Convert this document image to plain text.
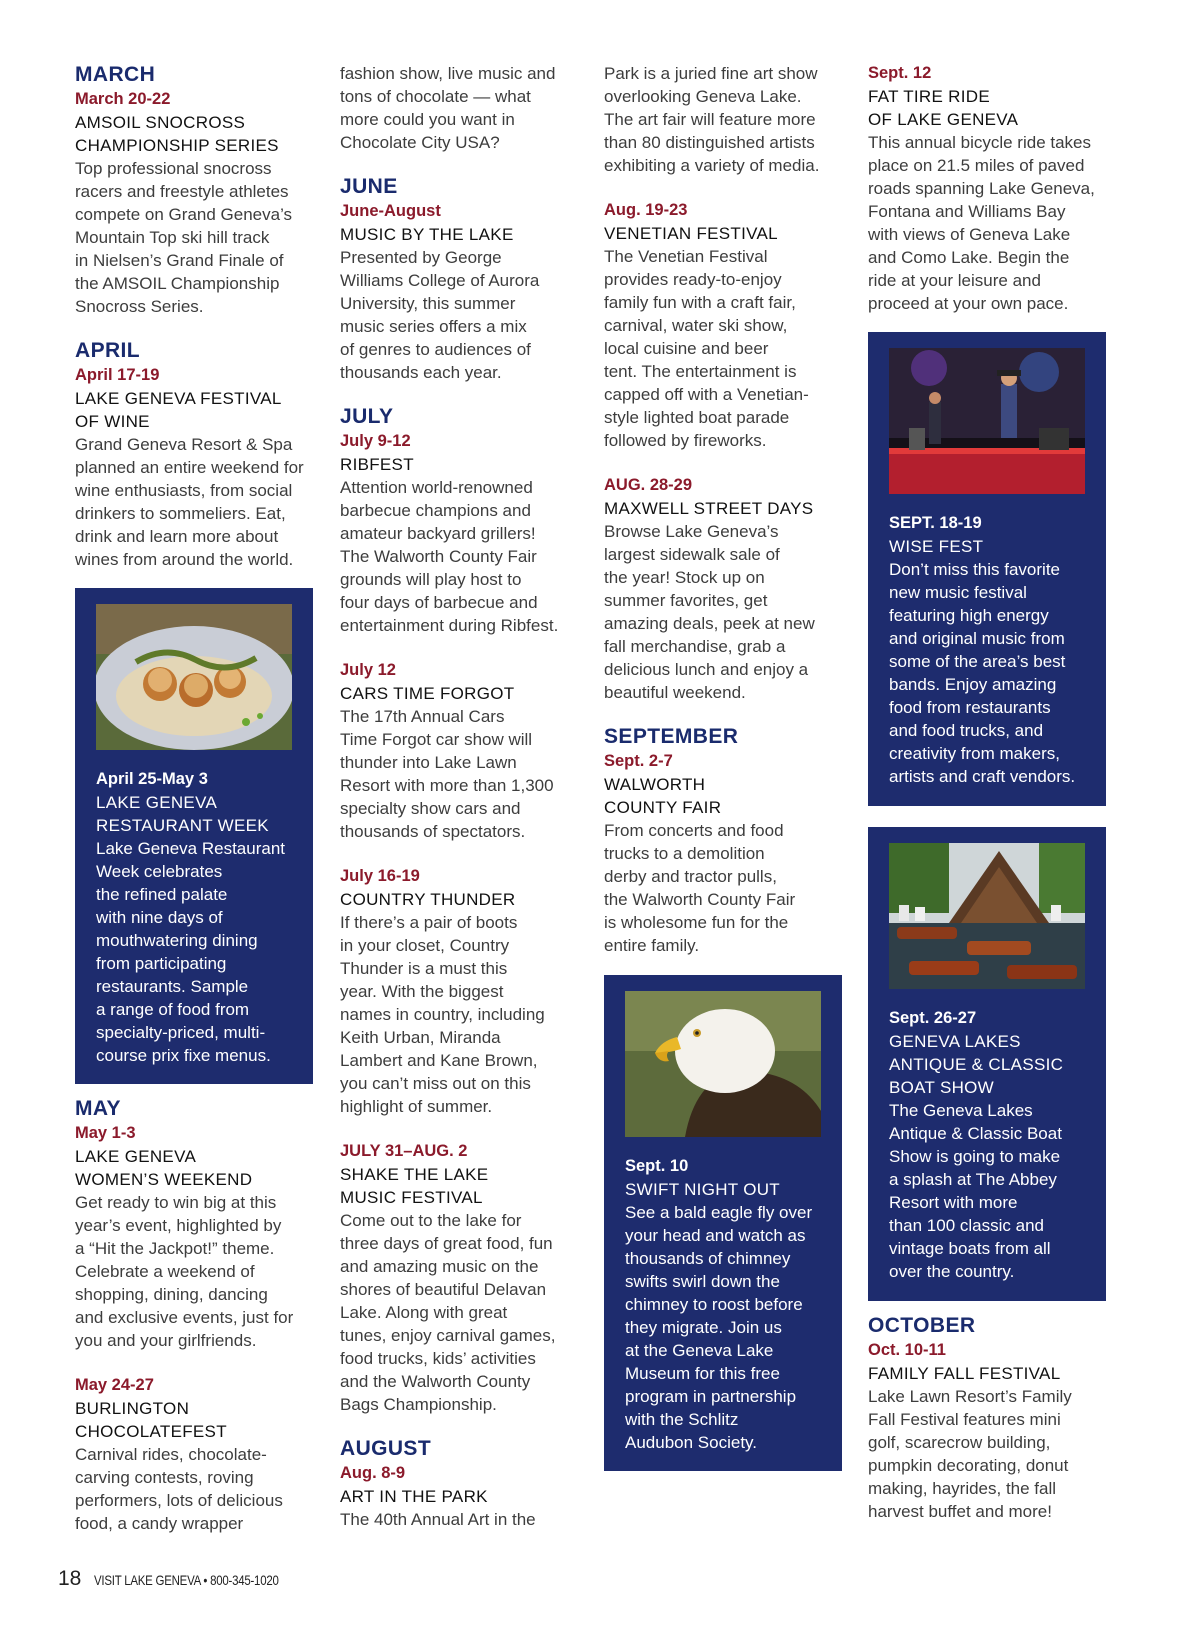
MARCH
March 20-22
AMSOIL SNOCROSS
CHAMPIONSHIP SERIES
Top professional snocross
racers and freestyle athletes
compete on Grand Geneva’s
Mountain Top ski hill track
in Nielsen’s Grand Finale of
the AMSOIL Championship
Snocross Series.
APRIL
April 17-19
LAKE GENEVA FESTIVAL
OF WINE
Grand Geneva Resort & Spa
planned an entire weekend for
wine enthusiasts, from social
drinkers to sommeliers. Eat,
drink and learn more about
wines from around the world.
April 25-May 3
LAKE GENEVA
RESTAURANT WEEK
Lake Geneva Restaurant
Week celebrates
the refined palate
with nine days of
mouthwatering dining
from participating
restaurants. Sample
a range of food from
specialty-priced, multi-
course prix fixe menus.
MAY
May 1-3
LAKE GENEVA
WOMEN’S WEEKEND
Get ready to win big at this
year’s event, highlighted by
a “Hit the Jackpot!” theme.
Celebrate a weekend of
shopping, dining, dancing
and exclusive events, just for
you and your girlfriends.
May 24-27
BURLINGTON
CHOCOLATEFEST
Carnival rides, chocolate-
carving contests, roving
performers, lots of delicious
food, a candy wrapper
fashion show, live music and
tons of chocolate — what
more could you want in
Chocolate City USA?
JUNE
June-August
MUSIC BY THE LAKE
Presented by George
Williams College of Aurora
University, this summer
music series offers a mix
of genres to audiences of
thousands each year.
JULY
July 9-12
RIBFEST
Attention world-renowned
barbecue champions and
amateur backyard grillers!
The Walworth County Fair
grounds will play host to
four days of barbecue and
entertainment during Ribfest.
July 12
CARS TIME FORGOT
The 17th Annual Cars
Time Forgot car show will
thunder into Lake Lawn
Resort with more than 1,300
specialty show cars and
thousands of spectators.
July 16-19
COUNTRY THUNDER
If there’s a pair of boots
in your closet, Country
Thunder is a must this
year. With the biggest
names in country, including
Keith Urban, Miranda
Lambert and Kane Brown,
you can’t miss out on this
highlight of summer.
JULY 31–AUG. 2
SHAKE THE LAKE
MUSIC FESTIVAL
Come out to the lake for
three days of great food, fun
and amazing music on the
shores of beautiful Delavan
Lake. Along with great
tunes, enjoy carnival games,
food trucks, kids’ activities
and the Walworth County
Bags Championship.
AUGUST
Aug. 8-9
ART IN THE PARK
The 40th Annual Art in the
Park is a juried fine art show
overlooking Geneva Lake.
The art fair will feature more
than 80 distinguished artists
exhibiting a variety of media.
Aug. 19-23
VENETIAN FESTIVAL
The Venetian Festival
provides ready-to-enjoy
family fun with a craft fair,
carnival, water ski show,
local cuisine and beer
tent. The entertainment is
capped off with a Venetian-
style lighted boat parade
followed by fireworks.
AUG. 28-29
MAXWELL STREET DAYS
Browse Lake Geneva’s
largest sidewalk sale of
the year! Stock up on
summer favorites, get
amazing deals, peek at new
fall merchandise, grab a
delicious lunch and enjoy a
beautiful weekend.
SEPTEMBER
Sept. 2-7
WALWORTH
COUNTY FAIR
From concerts and food
trucks to a demolition
derby and tractor pulls,
the Walworth County Fair
is wholesome fun for the
entire family.
Sept. 10
SWIFT NIGHT OUT
See a bald eagle fly over
your head and watch as
thousands of chimney
swifts swirl down the
chimney to roost before
they migrate. Join us
at the Geneva Lake
Museum for this free
program in partnership
with the Schlitz
Audubon Society.
Sept. 12
FAT TIRE RIDE
OF LAKE GENEVA
This annual bicycle ride takes
place on 21.5 miles of paved
roads spanning Lake Geneva,
Fontana and Williams Bay
with views of Geneva Lake
and Como Lake. Begin the
ride at your leisure and
proceed at your own pace.
SEPT. 18-19
WISE FEST
Don’t miss this favorite
new music festival
featuring high energy
and original music from
some of the area’s best
bands. Enjoy amazing
food from restaurants
and food trucks, and
creativity from makers,
artists and craft vendors.
Sept. 26-27
GENEVA LAKES
ANTIQUE & CLASSIC
BOAT SHOW
The Geneva Lakes
Antique & Classic Boat
Show is going to make
a splash at The Abbey
Resort with more
than 100 classic and
vintage boats from all
over the country.
OCTOBER
Oct. 10-11
FAMILY FALL FESTIVAL
Lake Lawn Resort’s Family
Fall Festival features mini
golf, scarecrow building,
pumpkin decorating, donut
making, hayrides, the fall
harvest buffet and more!
18 VISIT LAKE GENEVA • 800-345-1020
